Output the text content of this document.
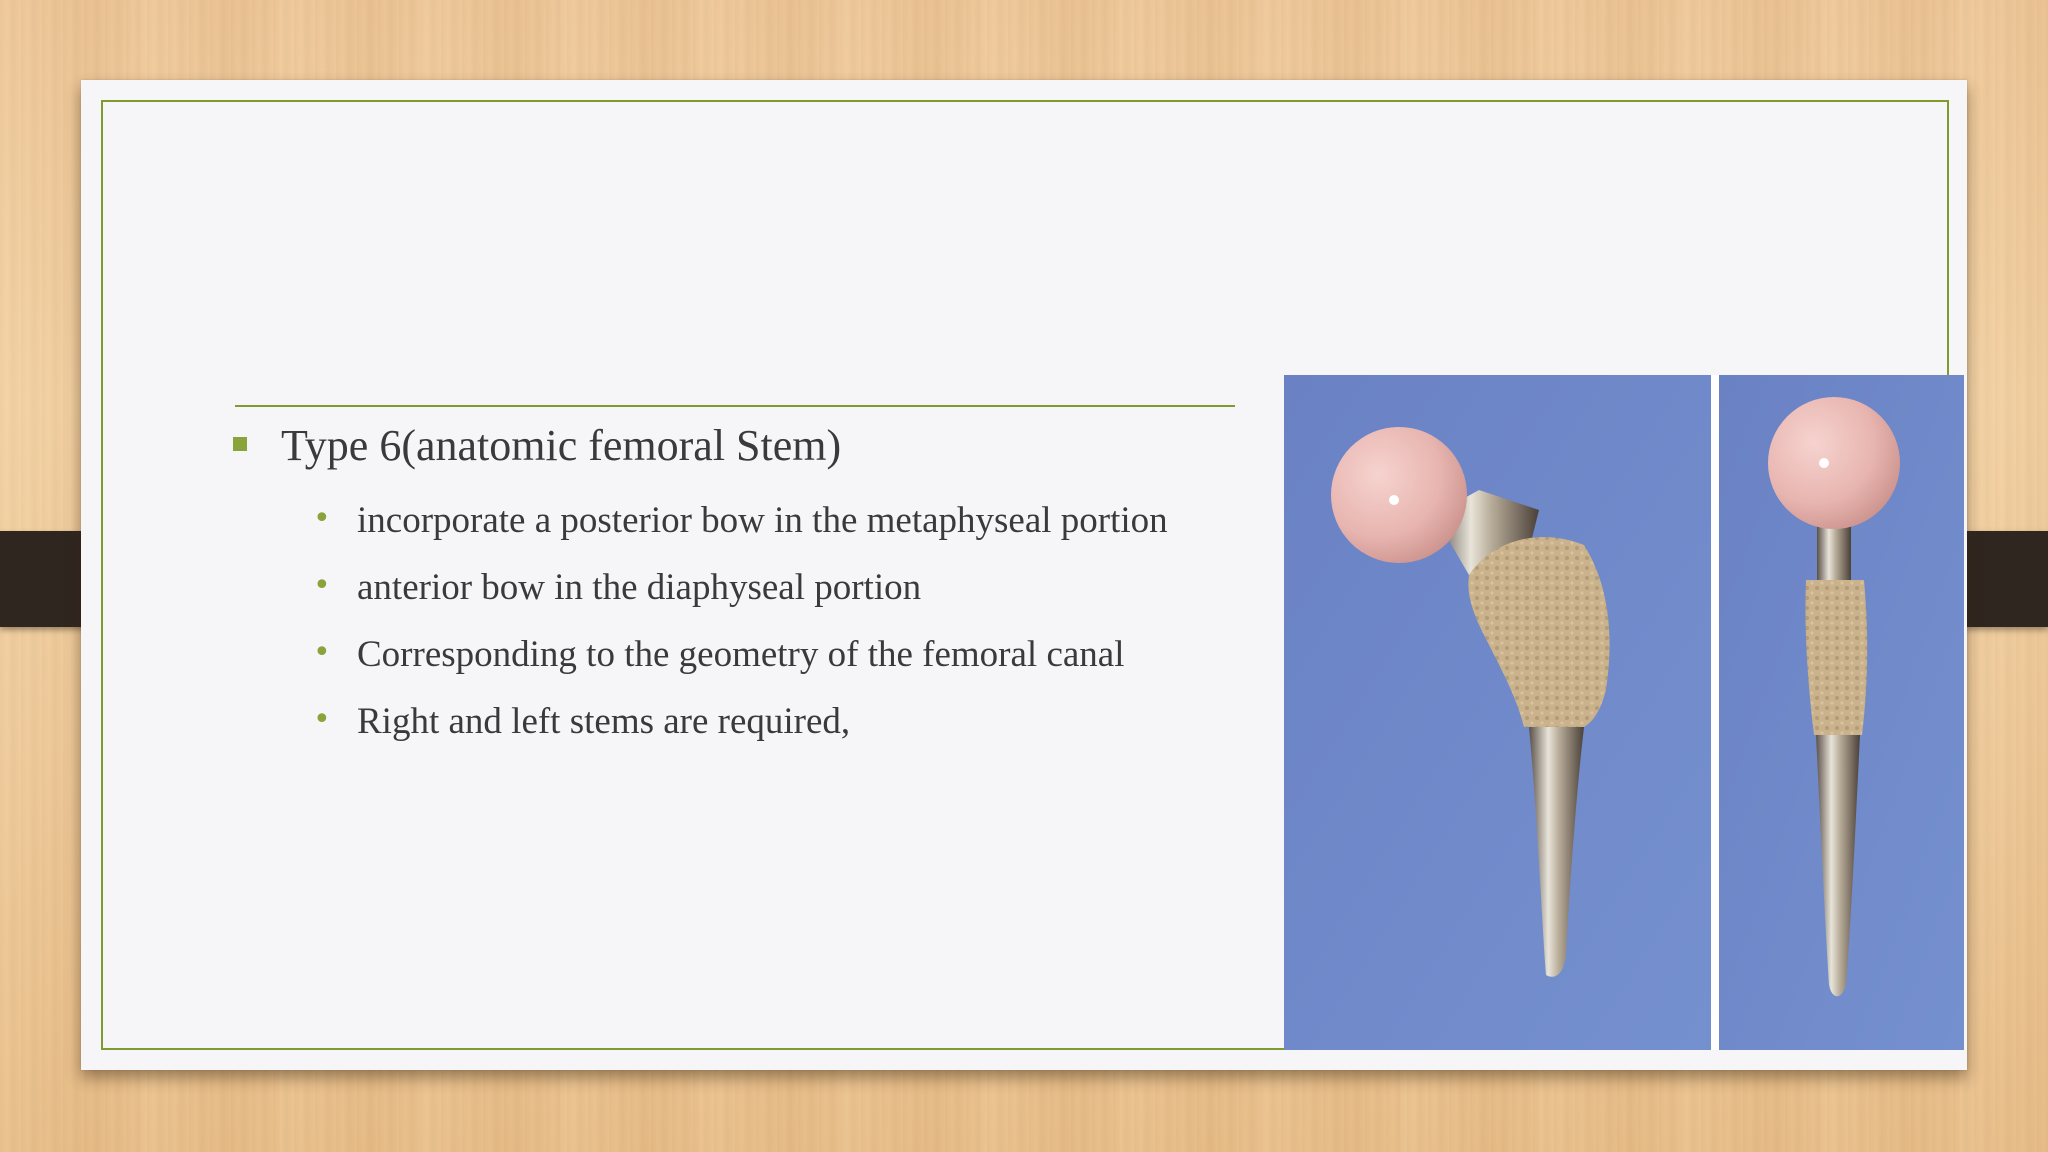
Type 6(anatomic femoral Stem)
• incorporate a posterior bow in the metaphyseal portion
• anterior bow in the diaphyseal portion
• Corresponding to the geometry of the femoral canal
• Right and left stems are required,
